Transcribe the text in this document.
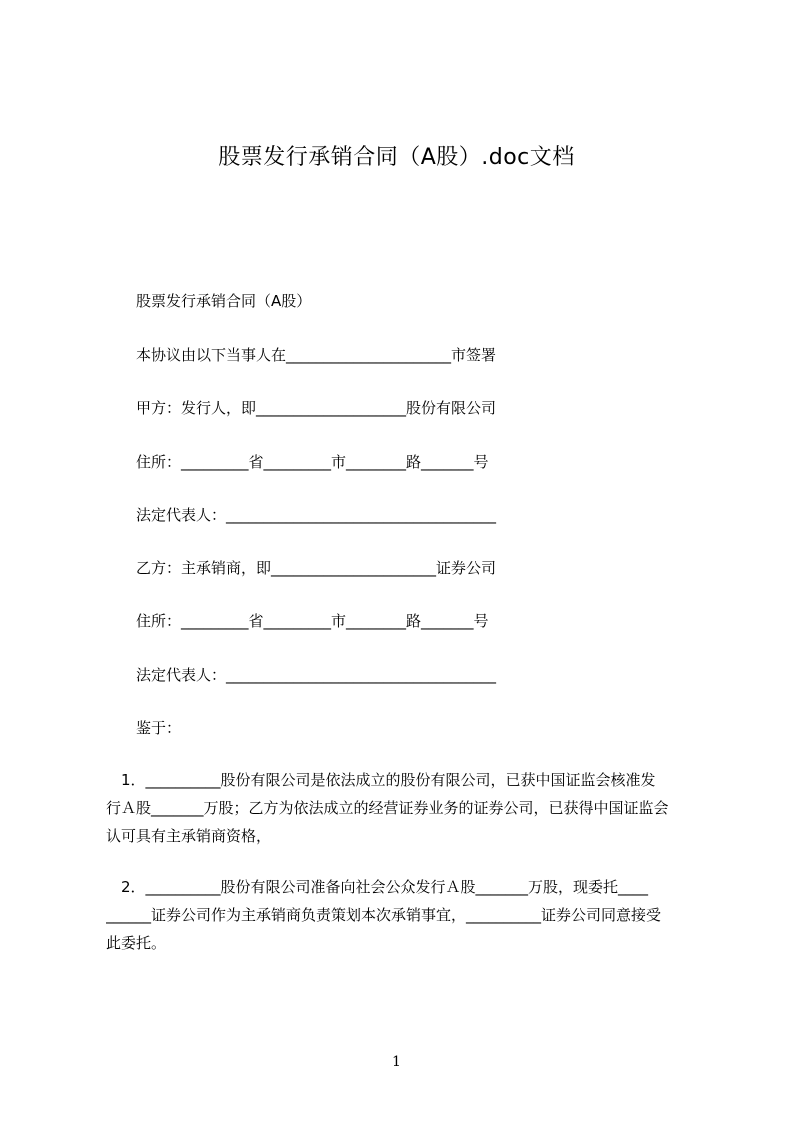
股票发行承销合同（A股）.doc文档
股票发行承销合同（A股）
本协议由以下当事人在______________________市签署
甲方：发行人，即____________________股份有限公司
住所：_________省_________市________路_______号
法定代表人：____________________________________
乙方：主承销商，即______________________证券公司
住所：_________省_________市________路_______号
法定代表人：____________________________________
鉴于：
　1．__________股份有限公司是依法成立的股份有限公司，已获中国证监会核准发
行Ａ股_______万股；乙方为依法成立的经营证券业务的证券公司，已获得中国证监会
认可具有主承销商资格，
　2．__________股份有限公司准备向社会公众发行Ａ股_______万股，现委托____
______证券公司作为主承销商负责策划本次承销事宜，__________证券公司同意接受
此委托。
1
